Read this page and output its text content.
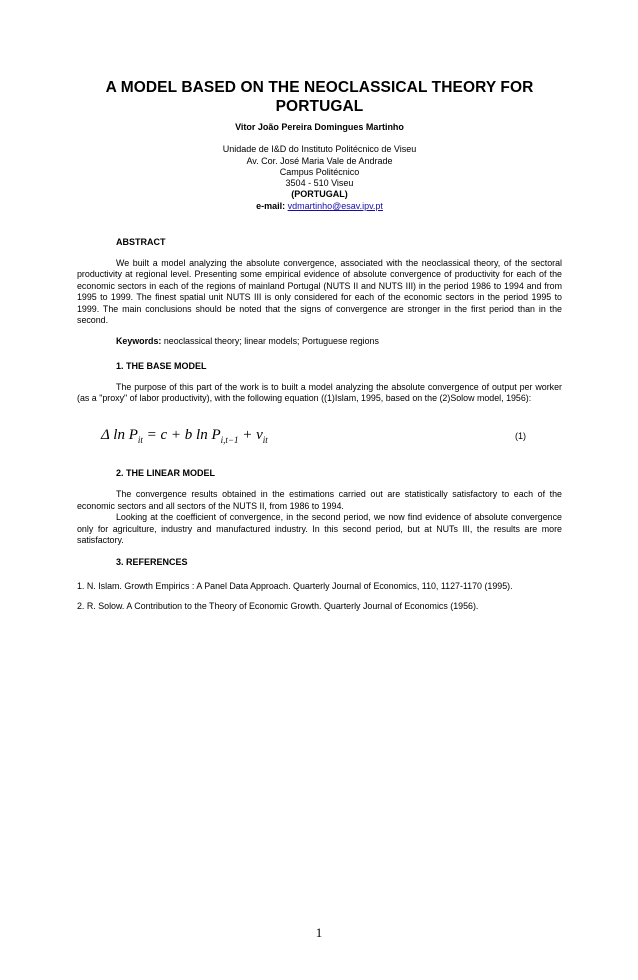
A MODEL BASED ON THE NEOCLASSICAL THEORY FOR PORTUGAL
Vitor João Pereira Domingues Martinho
Unidade de I&D do Instituto Politécnico de Viseu
Av. Cor. José Maria Vale de Andrade
Campus Politécnico
3504 - 510 Viseu
(PORTUGAL)
e-mail: vdmartinho@esav.ipv.pt
ABSTRACT

We built a model analyzing the absolute convergence, associated with the neoclassical theory, of the sectoral productivity at regional level. Presenting some empirical evidence of absolute convergence of productivity for each of the economic sectors in each of the regions of mainland Portugal (NUTS II and NUTS III) in the period 1986 to 1994 and from 1995 to 1999. The finest spatial unit NUTS III is only considered for each of the economic sectors in the period 1995 to 1999. The main conclusions should be noted that the signs of convergence are stronger in the first period than in the second.

Keywords: neoclassical theory; linear models; Portuguese regions
1. THE BASE MODEL

The purpose of this part of the work is to built a model analyzing the absolute convergence of output per worker (as a "proxy" of labor productivity), with the following equation ((1)Islam, 1995, based on the (2)Solow model, 1956):

Δ $\ln P_{it} = c + b$ $\ln P_{i,t-1} + v_{it}$	(1)
2. THE LINEAR MODEL

The convergence results obtained in the estimations carried out are statistically satisfactory to each of the economic sectors and all sectors of the NUTS II, from 1986 to 1994.

Looking at the coefficient of convergence, in the second period, we now find evidence of absolute convergence only for agriculture, industry and manufactured industry. In this second period, but at NUTs III, the results are more satisfactory.

3. REFERENCES

1. N. Islam. Growth Empirics : A Panel Data Approach. Quarterly Journal of Economics, 110, 1127-1170 (1995).

2. R. Solow. A Contribution to the Theory of Economic Growth. Quarterly Journal of Economics (1956).

1
